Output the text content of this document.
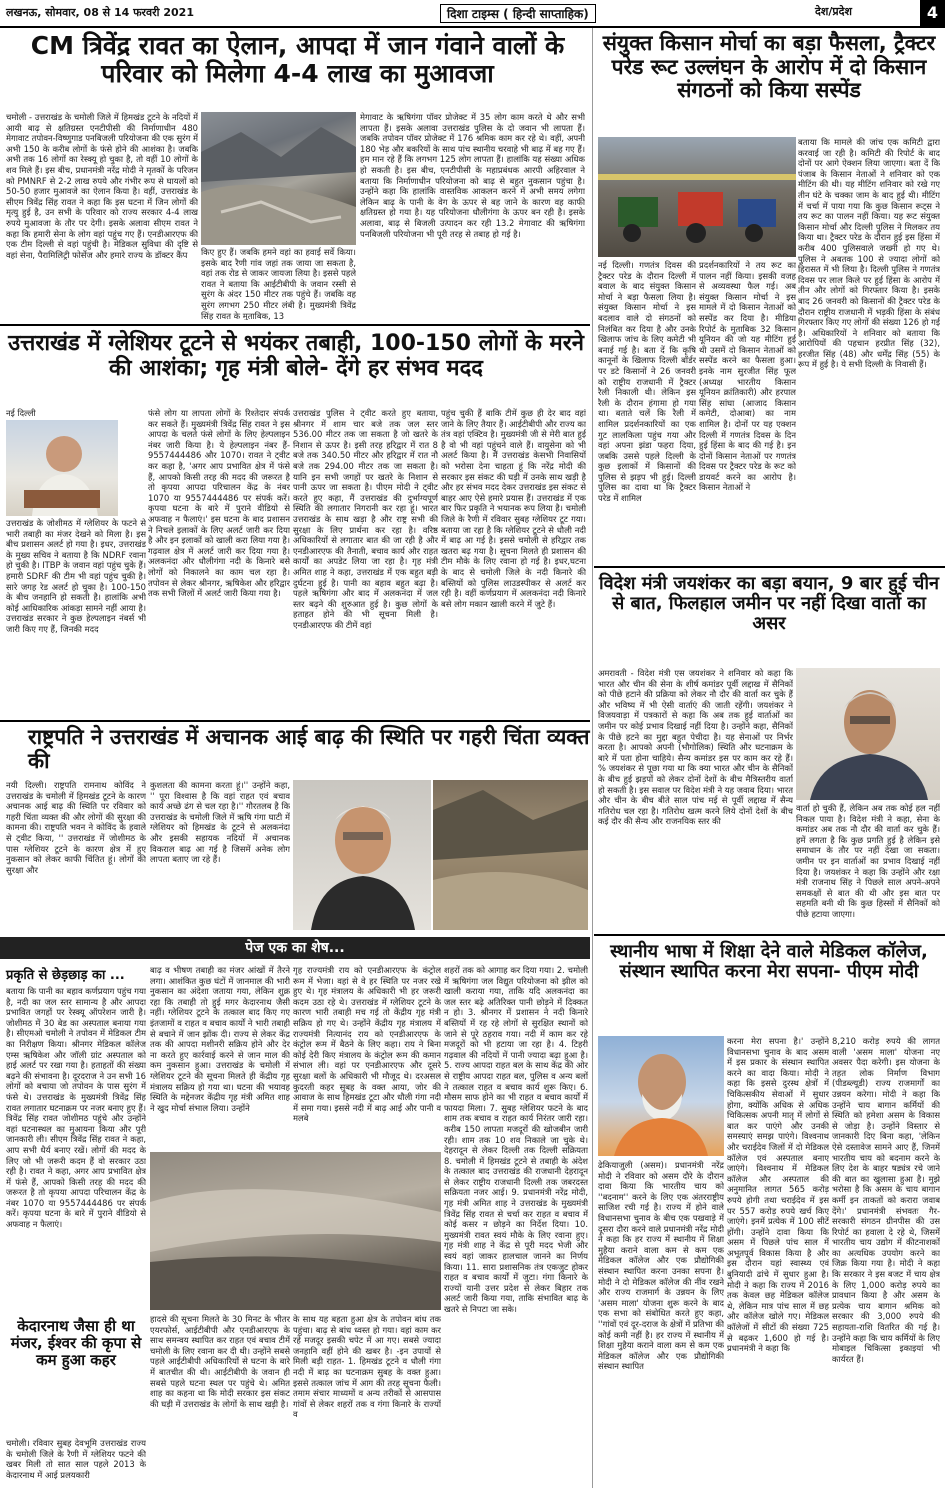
लखनऊ, सोमवार, 08 से 14 फरवरी 2021	दिशा टाइम्स ( हिन्दी साप्ताहिक)	देश/प्रदेश	4
CM त्रिवेंद्र रावत का ऐलान, आपदा में जान गंवाने वालों के परिवार को मिलेगा 4-4 लाख का मुआवजा
चमोली - उत्तराखंड के चमोली जिले में हिमखंड टूटने के नदियों में आयी बाढ़ से क्षतिग्रस्त एनटीपीसी की निर्माणाधीन 480 मेगावाट तपोवन-विष्णुगाड पनबिजली परियोजना की एक सुरंग में अभी 150 के करीब लोगों के फंसे होने की आशंका है। जबकि अभी तक 16 लोगों का रेस्क्यू हो चुका है, तो वहीं 10 लोगों के शव मिले हैं। इस बीच, प्रधानमंत्री नरेंद्र मोदी ने मृतकों के परिजन को PMNRF से 2-2 लाख रुपये और गंभीर रूप से घायलों को 50-50 हजार मुआवजे का ऐलान किया है। वहीं, उत्तराखंड के सीएम त्रिवेंद्र सिंह रावत ने कहा कि इस घटना में जिन लोगों की मृत्यु हुई है, उन सभी के परिवार को राज्य सरकार 4-4 लाख रुपये मुआवजा के तौर पर देगी। इसके अलावा सीएम रावत ने कहा कि हमारी सेना के लोग वहां पहुंच गए हैं। एनडीआरएफ की एक टीम दिल्ली से वहां पहुंची है। मेडिकल सुविधा की दृष्टि से वहां सेना, पैरामिलिट्री फोर्सेज और हमारे राज्य के डॉक्टर कैंप	किए हुए हैं। जबकि हमने वहां का हवाई सर्वे किया। इसके बाद रैणी गांव जहां तक जाया जा सकता है, वहां तक रोड से जाकर जायजा लिया है। इससे पहले रावत ने बताया कि आईटीबीपी के जवान रस्सी से सुरंग के अंदर 150 मीटर तक पहुंचे हैं। जबकि वह सुरंग लगभग 250 मीटर लंबी है। मुख्यमंत्री त्रिवेंद्र सिंह रावत के मुताबिक, 13
मेगावाट के ऋषिगंगा पॉवर प्रोजेक्ट में 35 लोग काम करते थे और सभी लापता हैं। इसके अलावा उत्तराखंड पुलिस के दो जवान भी लापता हैं। जबकि तपोवन पॉवर प्रोजेक्ट में 176 श्रमिक काम कर रहे थे। वहीं, अपनी 180 भेड़ और बकरियों के साथ पांच स्थानीय चरवाहे भी बाढ़ में बह गए हैं। हम मान रहे हैं कि लगभग 125 लोग लापता हैं। हालांकि यह संख्या अधिक हो सकती है। इस बीच, एनटीपीसी के महाप्रबंधक आरपी अहिरवाल ने बताया कि निर्माणाधीन परियोजना को बाढ़ से बहुत नुकसान पहुंचा है। उन्होंने कहा कि हालांकि वास्तविक आकलन करने में अभी समय लगेगा लेकिन बाढ़ के पानी के वेग के ऊपर से बह जाने के कारण वह काफी क्षतिग्रस्त हो गया है। यह परियोजना धौलीगंगा के ऊपर बन रही है। इसके अलावा, बाढ़ से बिजली उत्पादन कर रही 13.2 मेगावाट की ऋषिगंगा पनबिजली परियोजना भी पूरी तरह से तबाह हो गई है।
उत्तराखंड में ग्लेशियर टूटने से भयंकर तबाही, 100-150 लोगों के मरने की आशंका; गृह मंत्री बोले- देंगे हर संभव मदद
नई दिल्ली
उत्तराखंड के जोशीमठ में ग्लेशियर के फटने से भारी तबाही का मंजर देखने को मिला है। इस बीच प्रशासन अलर्ट हो गया है। इधर, उत्तराखंड के मुख्य सचिव ने बताया है कि NDRF रवाना हो चुकी है। ITBP के जवान वहां पहुंच चुके हैं। हमारी SDRF की टीम भी वहां पहुंच चुकी है। सारे जगह रेड अलर्ट हो चुका है। 100-150 के बीच जनहानि हो सकती है। हालांकि अभी कोई आधिकारिक आंकड़ा सामने नहीं आया है। उत्तराखंड सरकार ने कुछ हेल्पलाइन नंबर्स भी जारी किए गए हैं, जिनकी मदद
फंसे लोग या लापता लोगों के रिश्तेदार संपर्क कर सकते हैं। मुख्यमंत्री त्रिवेंद्र सिंह रावत ने इस आपदा के चलते फंसे लोगों के लिए हेल्पलाइन नंबर जारी किया है। ये हेल्पलाइन नंबर हैं- 9557444486 और 1070। रावत ने ट्वीट कर कहा है, 'अगर आप प्रभावित क्षेत्र में फंसे हैं, आपको किसी तरह की मदद की जरूरत है तो कृपया आपदा परिचालन केंद्र के नंबर 1070 या 9557444486 पर संपर्क करें। कृपया घटना के बारे में पुराने वीडियो से अफवाह न फैलाएं।' इस घटना के बाद प्रशासन ने निचले इलाकों के लिए अलर्ट जारी कर दिया है और इन इलाकों को खाली करा लिया गया है। गढ़वाल क्षेत्र में अलर्ट जारी कर दिया गया है। अलकनंदा और धौलीगंगा नदी के किनारे बसे लोगों को निकालने का काम चल रहा है। तपोवन से लेकर श्रीनगर, ऋषिकेश और हरिद्वार तक सभी जिलों में अलर्ट जारी किया गया है।
उत्तराखंड पुलिस ने ट्वीट करते हुए बताया, श्रीनगर में शाम चार बजे तक जल स्तर 536.00 मीटर तक जा सकता है जो खतरे के निशान से ऊपर है। इसी तरह हरिद्वार में रात 8 बजे तक 340.50 मीटर और हरिद्वार में रात नौ बजे तक 294.00 मीटर तक जा सकता है। यानि इन सभी जगहों पर खतरे के निशान से पानी ऊपर जा सकता है। पीएम मोदी ने ट्वीट करते हुए कहा, मैं उत्तराखंड की दुर्भाग्यपूर्ण स्थिति की लगातार निगरानी कर रहा हूं। भारत उत्तराखंड के साथ खड़ा है और राष्ट्र सभी की सुरक्षा के लिए प्रार्थना कर रहा है। वरिष्ठ अधिकारियों से लगातार बात की जा रही है और एनडीआरएफ की तैनाती, बचाव कार्य और राहत कार्यों का अपडेट लिया जा रहा है। गृह मंत्री अमित शाह ने कहा, उत्तराखंड में एक बहुत बड़ी दुर्घटना हुई है। पानी का बहाव बहुत बढ़ा है। पहले ऋषिगंगा और बाद में अलकनंदा में जल स्तर बढ़ने की शुरुआत हुई है। कुछ लोगों के हताहत होने की भी सूचना मिली है। एनडीआरएफ की टीमें वहां
पहुंच चुकी हैं बाकि टीमें कुछ ही देर बाद वहां जाने के लिए तैयार हैं। आईटीबीपी और राज्य का तंत्र वहां एक्टिव है। मुख्यमंत्री जी से मेरी बात हुई है वो भी वहां पहुंचने वाले हैं। वायुसेना को भी अलर्ट किया है। मैं उत्तराखंड केसभी निवासियों को भरोसा देना चाहता हूं कि नरेंद्र मोदी की सरकार इस संकट की घड़ी में उनके साथ खड़ी है और हर संभव मदद देकर उत्तराखंड इस संकट से बाहर आए ऐसे हमारे प्रयास हैं। उत्तराखंड में एक बार फिर प्रकृति ने भयानक रूप लिया है। चमोली जिले के रैणी में रविवार सुबह ग्लेशियर टूट गया। बताया जा रहा है कि ग्लेशियर टूटने से धौली नदी में बाढ़ आ गई है। इससे चमोली से हरिद्वार तक खतरा बढ़ गया है। सूचना मिलते ही प्रशासन की टीम मौके के लिए रवाना हो गई है। इधर,घटना के बाद से चमोली जिले के नदी किनारे की बस्तियों को पुलिस लाउडस्पीकर से अलर्ट कर रही है। वहीं कर्णप्रयाग में अलकनंदा नदी किनारे बसे लोग मकान खाली करने में जुटे हैं।
राष्ट्रपति ने उत्तराखंड में अचानक आई बाढ़ की स्थिति पर गहरी चिंता व्यक्त की
नयी दिल्ली। राष्ट्रपति रामनाथ कोविंद ने उत्तराखंड के चमोली में हिमखंड टूटने के कारण अचानक आई बाढ़ की स्थिति पर रविवार को गहरी चिंता व्यक्त की और लोगों की सुरक्षा की कामना की। राष्ट्रपति भवन ने कोविंद के हवाले से ट्वीट किया, '' उत्तराखंड में जोशीमठ के पास ग्लेशियर टूटने के कारण क्षेत्र में हुए नुकसान को लेकर काफी चिंतित हूं। लोगों की सुरक्षा और
कुशलता की कामना करता हूं।'' उन्होंने कहा, '' पूरा विश्वास है कि वहां राहत एवं बचाव कार्य अच्छे ढंग से चल रहा है।'' गौरतलब है कि उत्तराखंड के चमोली जिले में ऋषि गंगा घाटी में ग्लेशियर को हिमखंड के टूटने से अलकनंदा और इसकी सहायक नदियों में अचानक विकराल बाढ़ आ गई है जिसमें अनेक लोग लापता बताए जा रहे हैं।
पेज एक का शेष...
प्रकृति से छेड़छाड़ का ...
बताया कि पानी का बहाव कर्णप्रयाग पहुंच गया है, नदी का जल स्तर सामान्य है और आपदा प्रभावित जगहों पर रेस्क्यू ऑपरेशन जारी है। जोशीमठ में 30 बेड का अस्पताल बनाया गया है। सीएमओ चमोली ने तपोवन में मेडिकल टीम का निरीक्षण किया। श्रीनगर मेडिकल कॉलेज एम्स ऋषिकेश और जॉली ग्रांट अस्पताल को हाई अलर्ट पर रखा गया है। हताहतों की संख्या बढ़ने की संभावना है। दूरदराज ने उन सभी 16 लोगों को बचाया जो तपोवन के पास सुरंग में फंसे थे। उत्तराखंड के मुख्यमंत्री त्रिवेंद्र सिंह रावत लगातार घटनाक्रम पर नजर बनाए हुए हैं। त्रिवेंद्र सिंह रावत जोशीमठ पहुंचे और उन्होंने वहां घटनास्थल का मुआयना किया और पूरी जानकारी ली। सीएम त्रिवेंद्र सिंह रावत ने कहा, आप सभी धैर्य बनाए रखें। लोगों की मदद के लिए जो भी जरूरी कदम हैं वो सरकार उठा रही है। रावत ने कहा, अगर आप प्रभावित क्षेत्र में फंसे हैं, आपको किसी तरह की मदद की जरूरत है तो कृपया आपदा परिचालन केंद्र के नंबर 1070 या 9557444486 पर संपर्क करें। कृपया घटना के बारे में पुराने वीडियो से अफवाह न फैलाएं।
बाढ़ व भीषण तबाही का मंजर आंखों में तैरने लगा। आशंकित कुछ घंटों में जानमाल की भारी नुकसान का अंदेशा जताया गया, लेकिन शुक्र रहा कि तबाही तो हुई मगर केदारनाथ जैसी नहीं। ग्लेशियर टूटने के तत्काल बाद किए गए इंतजामों व राहत व बचाव कार्यों ने भारी तबाही से बचाने में जान झोंक दी। राज्य से लेकर केंद्र तक की आपदा मशीनरी सक्रिय होने और देर ना करते हुए कार्रवाई करने से जान माल की कम नुकसान हुआ। उत्तराखंड के चमोली में ग्लेशियर टूटने की सूचना मिलते ही केंद्रीय गृह मंत्रालय सक्रिय हो गया था। घटना की भयावह स्थिति के मद्देनजर केंद्रीय गृह मंत्री अमित शाह ने खुद मोर्चा संभाल लिया। उन्होंने
गृह राज्यमंत्री राय को एनडीआरएफ के कंट्रोल रूम में भेजा। वहां से वे हर स्थिति पर नजर रखे हुए थे। गृह मंत्रालय के अधिकारी भी हर जरूरी कदम उठा रहे थे। उत्तराखंड में ग्लेशियर टूटने के कारण भारी तबाही मच गई तो केंद्रीय गृह मंत्री सक्रिय हो गए थे। उन्होंने केंद्रीय गृह मंत्रालय में राज्यमंत्री नित्यानंद राय को एनडीआरएफ के कंट्रोल रूम में बैठने के लिए कहा। राय ने बिना कोई देरी किए मंत्रालय के कंट्रोल रूम की कमान संभाल ली। वहां पर एनडीआरएफ और दूसरे सुरक्षा बलों के अधिकारी भी मौजूद थे। दरअसल कुदरती कहर सुबह के वक्त आया, जोर की आवाज के साथ हिमखंड टूटा और धौली गंगा नदी में समा गया। इससे नदी में बाढ़ आई और पानी व मलबे
हादसे की सूचना मिलते के 30 मिनट के भीतर एयरफोर्स, आईटीबीपी और एनडीआरएफ के साथ समन्वय स्थापित कर राहत एवं बचाव टीमें चमोली के लिए रवाना कर दी थी। उन्होंने सबसे पहले आईटीबीपी अधिकारियों से घटना के बारे में बातचीत की थी। आईटीबीपी के जवान ही सबसे पहले घटना स्थल पर पहुंचे थे। अमित शाह का कहना था कि मोदी सरकार इस संकट की घड़ी में उत्तराखंड के लोगों के साथ खड़ी है।
के साथ यह बहता हुआ क्षेत्र के तपोवन बांध तक पहुंचा। बाढ़ से बांध ध्वस्त हो गया। वहां काम कर रहे मजदूर इसकी चपेट में आ गए। सबसे ज्यादा जनहानि वहीं होने की खबर है। -इन उपायों से मिली बड़ी राहत- 1. हिमखंड टूटने व धौली गंगा नदी में बाढ़ का घटनाक्रम सुबह के वक्त हुआ। इससे तत्काल जांच में आग की तरह सूचना फैली। तमाम संचार माध्यमों व अन्य तरीकों से आसपास गांवों से लेकर शहरों तक व गंगा किनारे के राज्यों व
शहरों तक को आगाह कर दिया गया। 2. चमोली में ऋषिगंगा जल विद्युत परियोजना को झील को खाली कराया गया, ताकि यदि अलकनंदा का जल स्तर बढ़े अतिरिक्त पानी छोड़ने में दिक्कत न हो। 3. श्रीनगर में प्रशासन ने नदी किनारे बस्तियों में रह रहे लोगों से सुरक्षित स्थानों को जाने से पूरे ठहराव गया। नदी में काम कर रहे मजदूरों को भी हटाया जा रहा है। 4. टिहरी गढ़वाल की नदियों में पानी ज्यादा बढ़ा हुआ है। 5. राज्य आपदा राहत बल के साथ केंद्र की ओर से राष्ट्रीय आपदा राहत बल, पुलिस व अन्य बलों ने तत्काल राहत व बचाव कार्य शुरू किए। 6. मौसम साफ होने का भी राहत व बचाव कार्यों में फायदा मिला। 7. सुबह ग्लेशियर फटने के बाद शाम तक बचाव व राहत कार्य निरंतर जारी रहा। करीब 150 लापता मजदूरों की खोजबीन जारी रही। शाम तक 10 शव निकाले जा चुके थे। देहरादून से लेकर दिल्ली तक दिल्ली सक्रियता 8. चमोली में हिमखंड टूटने से तबाही के अंदेश के तत्काल बाद उत्तराखंड की राजधानी देहरादून से लेकर राष्ट्रीय राजधानी दिल्ली तक जबरदस्त सक्रियता नजर आई। 9. प्रधानमंत्री नरेंद्र मोदी, गृह मंत्री अमित शाह ने उत्तराखंड के मुख्यमंत्री त्रिवेंद्र सिंह रावत से चर्चा कर राहत व बचाव में कोई कसर न छोड़ने का निर्देश दिया। 10. मुख्यमंत्री रावत स्वयं मौके के लिए रवाना हुए। गृह मंत्री शाह ने केंद्र से पूरी मदद भेजी और स्वयं वहां जाकर हालचाल जानने का निर्णय किया। 11. सारा प्रशासनिक तंत्र एकजुट होकर राहत व बचाव कार्यों में जुटा। गंगा किनारे के राज्यों यानी उत्तर प्रदेश से लेकर बिहार तक अलर्ट जारी किया गया, ताकि संभावित बाढ़ के खतरे से निपटा जा सके।
केदारनाथ जैसा ही था मंजर, ईश्वर की कृपा से कम हुआ कहर
चमोली। रविवार सुबह देवभूमि उत्तराखंड राज्य के चमोली जिले के रैणी में ग्लेशियर फटने की खबर मिली तो सात साल पहले 2013 के केदारनाथ में आई प्रलयकारी
संयुक्त किसान मोर्चा का बड़ा फैसला, ट्रैक्टर परेड रूट उल्लंघन के आरोप में दो किसान संगठनों को किया सस्पेंड
बताया कि मामले की जांच एक कमिटी द्वारा करवाई जा रही है। कमिटी की रिपोर्ट के बाद दोनों पर आगे ऐक्शन लिया जाएगा। बता दें कि पंजाब के किसान नेताओं ने शनिवार को एक मीटिंग की थी। यह मीटिंग शनिवार को रखे गए तीन घंटे के चक्का जाम के बाद हुई थी। मीटिंग में चर्चा में पाया गया कि कुछ किसान रूट्स ने तय रूट का पालन नहीं किया। यह रूट संयुक्त किसान मोर्चा और दिल्ली पुलिस ने मिलकर तय किया था। ट्रैक्टर परेड के दौरान हुई इस हिंसा में करीब 400 पुलिसवाले जख्मी हो गए थे। पुलिस ने अबतक 100 से ज्यादा लोगों को हिरासत में भी लिया है। दिल्ली पुलिस ने गणतंत्र दिवस पर लाल किले पर हुई हिंसा के आरोप में तीन और लोगों को गिरफ्तार किया है। इसके बाद 26 जनवरी को किसानों की ट्रैक्टर परेड के दौरान राष्ट्रीय राजधानी में भड़की हिंसा के संबंध गिरफ्तार किए गए लोगों की संख्या 126 हो गई है। अधिकारियों ने शनिवार को बताया कि आरोपियों की पहचान हरप्रीत सिंह (32), हरजीत सिंह (48) और धर्मेंद्र सिंह (55) के रूप में हुई है। ये सभी दिल्ली के निवासी हैं।
नई दिल्ली। गणतंत्र दिवस की ट्रैक्टर परेड के दौरान दिल्ली में बवाल के बाद संयुक्त किसान मोर्चा ने बड़ा फैसला लिया है। संयुक्त किसान मोर्चा ने इस बदलाव वाले दो संगठनों को निलंबित कर दिया है और उनके खिलाफ जांच के लिए कमेटी भी बनाई गई है। बता दें कि कृषि कानूनों के खिलाफ दिल्ली बॉर्डर पर डटे किसानों ने 26 जनवरी को राष्ट्रीय राजधानी में ट्रैक्टर रैली निकाली थी। लेकिन इस रैली के दौरान हंगामा हो गया था। बताते चलें कि रैली में शामिल प्रदर्शनकारियों का एक गुट लालकिला पहुंच गया और वहां अपना झंडा फहरा दिया, जबकि उससे पहले दिल्ली के कुछ इलाकों में किसानों की पुलिस से झड़प भी हुई। दिल्ली पुलिस का दावा था कि ट्रैक्टर परेड में शामिल
प्रदर्शनकारियों ने तय रूट का पालन नहीं किया। इसकी वजह से अव्यवस्था फैल गई। अब संयुक्त किसान मोर्चा ने इस मामले में दो किसान नेताओं को सस्पेंड कर दिया है। मीडिया रिपोर्ट के मुताबिक 32 किसान यूनियन की जो यह मीटिंग हुई थी उसमें दो किसान नेताओं को सस्पेंड करने का फैसला हुआ। इनके नाम सुरजीत सिंह फूल (अध्यक्ष भारतीय किसान यूनियन क्रांतिकारी) और हरपाल सिंह सांघा (आजाद किसान कमेटी, दोआबा) का नाम शामिल है। दोनों पर यह एक्शन दिल्ली में गणतंत्र दिवस के दिन हुई हिंसा के बाद की गई है। इन दोनों किसान नेताओं पर गणतंत्र दिवस पर ट्रैक्टर परेड के रूट को डायवर्ट करने का आरोप है। किसान नेताओं ने
विदेश मंत्री जयशंकर का बड़ा बयान, 9 बार हुई चीन से बात, फिलहाल जमीन पर नहीं दिखा वार्ता का असर
अमरावती - विदेश मंत्री एस जयशंकर ने शनिवार को कहा कि भारत और चीन की सेना के शीर्ष कमांडर पूर्वी लद्दाख में सैनिकों को पीछे हटाने की प्रक्रिया को लेकर नौ दौर की वार्ता कर चुके हैं और भविष्य में भी ऐसी वार्ताएं की जाती रहेंगी। जयशंकर ने विजयवाड़ा में पत्रकारों से कहा कि अब तक हुई वार्ताओं का जमीन पर कोई प्रभाव दिखाई नहीं दिया है। उन्होंने कहा, सैनिकों के पीछे हटने का मुद्दा बहुत पेचीदा है। यह सेनाओं पर निर्भर करता है। आपको अपनी (भौगोलिक) स्थिति और घटनाक्रम के बारे में पता होना चाहिये। सैन्य कमांडर इस पर काम कर रहे हैं। % जयशंकर से पूछा गया था कि क्या भारत और चीन के सैनिकों के बीच हुई झड़पों को लेकर दोनों देशों के बीच मैत्रिस्तरीय वार्ता हो सकती है। इस सवाल पर विदेश मंत्री ने यह जवाब दिया। भारत और चीन के बीच बीते साल पांच मई से पूर्वी लद्दाख में सैन्य गतिरोध चल रहा है। गतिरोध खत्म करने लिये दोनों देशों के बीच कई दौर की सैन्य और राजनयिक स्तर की
वार्ता हो चुकी हैं, लेकिन अब तक कोई हल नहीं निकल पाया है। विदेश मंत्री ने कहा, सेना के कमांडर अब तक नौ दौर की वार्ता कर चुके हैं। हमें लगता है कि कुछ प्रगति हुई है लेकिन इसे समाधान के तौर पर नहीं देखा जा सकता। जमीन पर इन वार्ताओं का प्रभाव दिखाई नहीं दिया है। जयशंकर ने कहा कि उन्होंने और रक्षा मंत्री राजनाथ सिंह ने पिछले साल अपने-अपने समकक्षों से बात की थी और इस बात पर सहमति बनी थी कि कुछ हिस्सों में सैनिकों को पीछे हटाया जाएगा।
स्थानीय भाषा में शिक्षा देने वाले मेडिकल कॉलेज, संस्थान स्थापित करना मेरा सपना- पीएम मोदी
करना मेरा सपना है।' उन्होंने विधानसभा चुनाव के बाद असम में इस प्रकार के संस्थान स्थापित करने का वादा किया। मोदी ने कहा कि इससे दुरस्थ क्षेत्रों में चिकित्सकीय सेवाओं में सुधार होगा, क्योंकि अधिक से अधिक चिकित्सक अपनी मातृ में लोगों से बात कर पाएंगे और उनकी समस्याएं समझ पाएंगे। विश्वनाथ और चराईदेव जिलों में दो मेडिकल कॉलेज एवं अस्पताल बनाए जाएंगे। विश्वनाथ में मेडिकल कॉलेज और अस्पताल की अनुमानित लागत 565 करोड़ रुपये होगी तथा चराईदेव में इस पर 557 करोड़ रुपये खर्च किए जाएंगे। इनमें प्रत्येक में 100 सीटें होंगी। उन्होंने दावा किया कि असम में पिछले पांच साल में अभूतपूर्व विकास किया है और इस दौरान यहां स्वास्थ्य एवं बुनियादी ढांचे में सुधार हुआ है। मोदी ने कहा कि राज्य में 2016 तक केवल छह मेडिकल कॉलेज थे, लेकिन मात्र पांच साल में छह और कॉलेज खोले गए। मेडिकल कॉलेजों में सीटों की संख्या 725 से बढ़कर 1,600 हो गई है। प्रधानमंत्री ने कहा कि
ढेकियाजुली (असम)। प्रधानमंत्री नरेंद्र मोदी ने रविवार को असम दौरे के दौरान दावा किया कि भारतीय चाय को ''बदनाम'' करने के लिए एक अंतरराष्ट्रीय साजिश रची गई है। राज्य में होने वाले विधानसभा चुनाव के बीच एक पखवाड़े में दूसरा दौरा करने वाले प्रधानमंत्री नरेंद्र मोदी ने कहा कि हर राज्य में स्थानीय में शिक्षा मुहैया कराने वाला कम से कम एक मेडिकल कॉलेज और एक प्रौद्योगिकी संस्थान स्थापित करना उनका सपना है। मोदी ने दो मेडिकल कॉलेज की नींव रखने और राज्य राजमार्ग के उन्नयन के लिए 'असम माला' योजना शुरू करने के बाद एक सभा को संबोधित करते हुए कहा, ''गांवों एवं दूर-दराज के क्षेत्रों में प्रतिभा की कोई कमी नहीं है। हर राज्य में स्थानीय में शिक्षा मुहैया कराने वाला कम से कम एक मेडिकल कॉलेज और एक प्रौद्योगिकी संस्थान स्थापित
8,210 करोड़ रुपये की लागत वाली 'असम माला' योजना नए अवसर पैदा करेगी। इस योजना के तहत लोक निर्माण विभाग (पीडब्ल्यूडी) राज्य राजमार्गों का उन्नयन करेगा। मोदी ने कहा कि उन्होंने चाय बागान कर्मियों की स्थिति को हमेशा असम के विकास से जोड़ा है। उन्होंने विस्तार से जानकारी दिए बिना कहा, 'लेकिन ऐसे दस्तावेज सामने आए हैं, जिनमें भारतीय चाय को बदनाम करने के लिए देश के बाहर षड्यंत्र रचे जाने की बात का खुलासा हुआ है। मुझे भरोसा है कि असम के चाय बागान कर्मी इन ताकतों को करारा जवाब देंगे।' प्रधानमंत्री संभवतः गैर-सरकारी संगठन ग्रीनपीस की उस रिपोर्ट का हवाला दे रहे थे, जिसमें भारतीय चाय उद्योग में कीटनाशकों का अत्यधिक उपयोग करने का जिक्र किया गया है। मोदी ने कहा कि सरकार ने इस बजट में चाय क्षेत्र के लिए 1,000 करोड़ रुपये का प्रावधान किया है और असम के प्रत्येक चाय बागान श्रमिक को सरकार की 3,000 रुपये की सहायता-राशि वितरित की गई है। उन्होंने कहा कि चाय कर्मियों के लिए मोबाइल चिकित्सा इकाइयां भी कार्यरत हैं।
